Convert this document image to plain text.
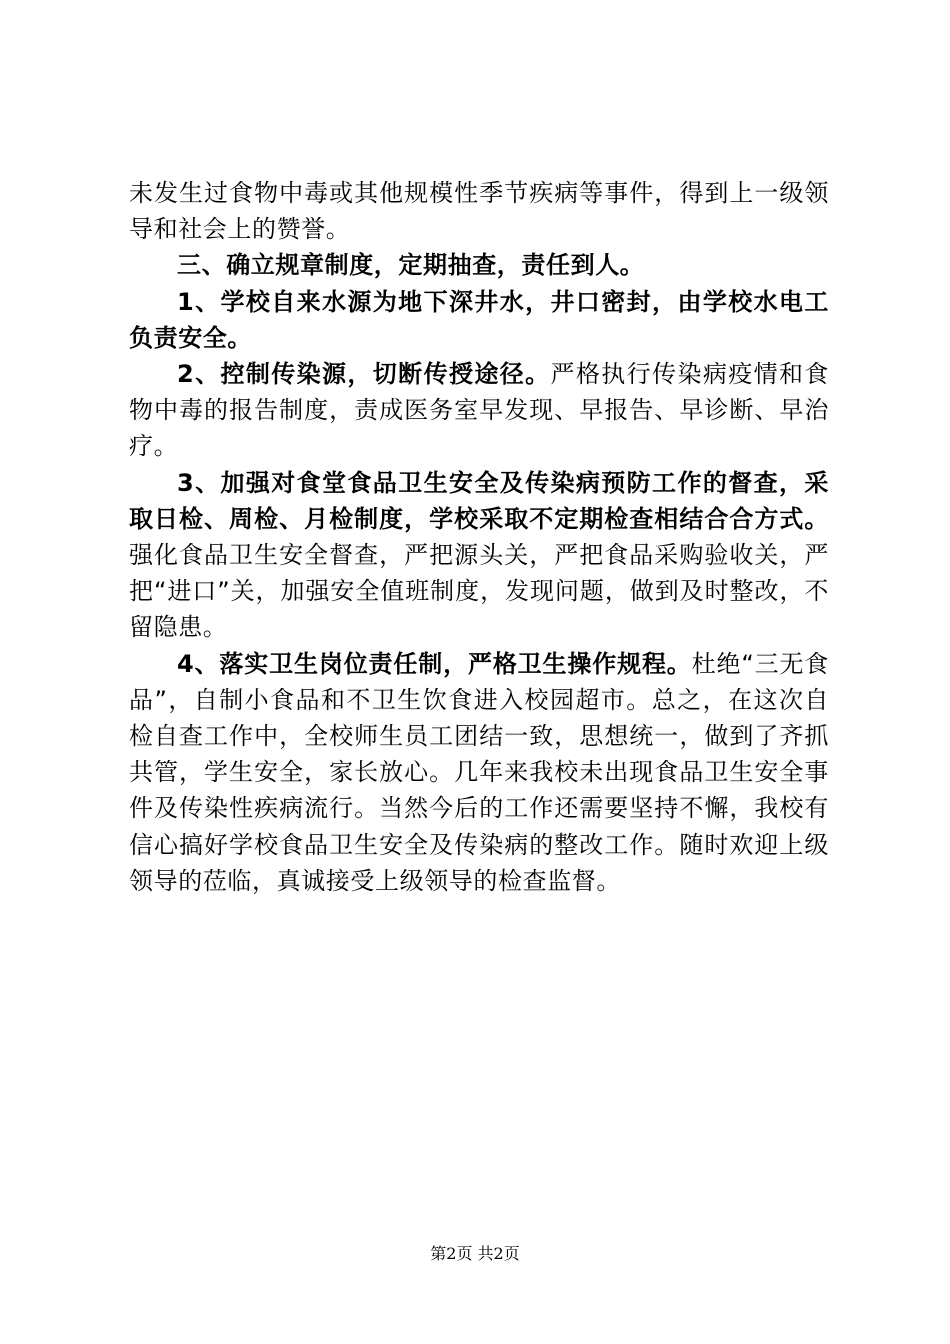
未发生过食物中毒或其他规模性季节疾病等事件，得到上一级领导和社会上的赞誉。

三、确立规章制度，定期抽查，责任到人。

1、学校自来水源为地下深井水，井口密封，由学校水电工负责安全。

2、控制传染源，切断传授途径。严格执行传染病疫情和食物中毒的报告制度，责成医务室早发现、早报告、早诊断、早治疗。

3、加强对食堂食品卫生安全及传染病预防工作的督查，采取日检、周检、月检制度，学校采取不定期检查相结合合方式。强化食品卫生安全督查，严把源头关，严把食品采购验收关，严把“进口”关，加强安全值班制度，发现问题，做到及时整改，不留隐患。

4、落实卫生岗位责任制，严格卫生操作规程。杜绝“三无食品”，自制小食品和不卫生饮食进入校园超市。总之，在这次自检自查工作中，全校师生员工团结一致，思想统一，做到了齐抓共管，学生安全，家长放心。几年来我校未出现食品卫生安全事件及传染性疾病流行。当然今后的工作还需要坚持不懈，我校有信心搞好学校食品卫生安全及传染病的整改工作。随时欢迎上级领导的莅临，真诚接受上级领导的检查监督。

第2页 共2页
